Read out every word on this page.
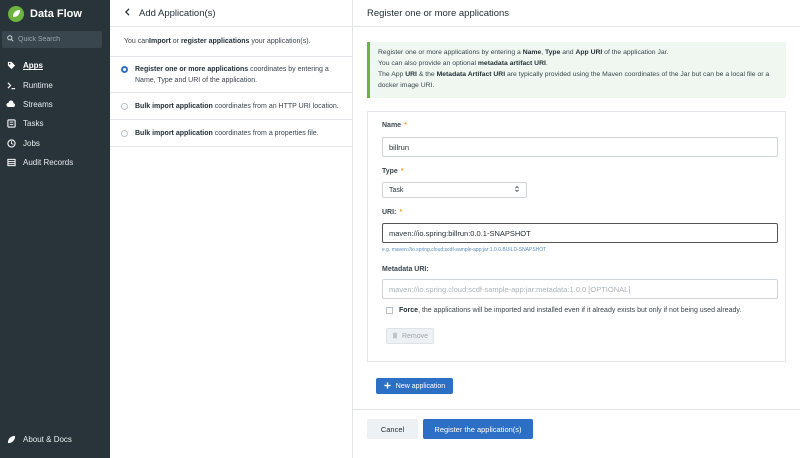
Data Flow
Quick Search
Apps
Runtime
Streams
Tasks
Jobs
Audit Records
About & Docs
Add Application(s)
You can Import or register applications your application(s).
Register one or more applications coordinates by entering a Name, Type and URI of the application.
Bulk import application coordinates from an HTTP URI location.
Bulk import application coordinates from a properties file.
Register one or more applications
Register one or more applications by entering a Name, Type and App URI of the application Jar.
You can also provide an optional metadata artifact URI.
The App URI & the Metadata Artifact URI are typically provided using the Maven coordinates of the Jar but can be a local file or a docker image URI.
Name *
billrun
Type *
Task
URI: *
maven://io.spring:billrun:0.0.1-SNAPSHOT
e.g. maven://io.spring.cloud:scdf-sample-app:jar:1.0.0.BUILD-SNAPSHOT
Metadata URI:
maven://io.spring.cloud:scdf-sample-app:jar:metadata:1.0.0 [OPTIONAL]
Force, the applications will be imported and installed even if it already exists but only if not being used already.
Remove
New application
Cancel	Register the application(s)
